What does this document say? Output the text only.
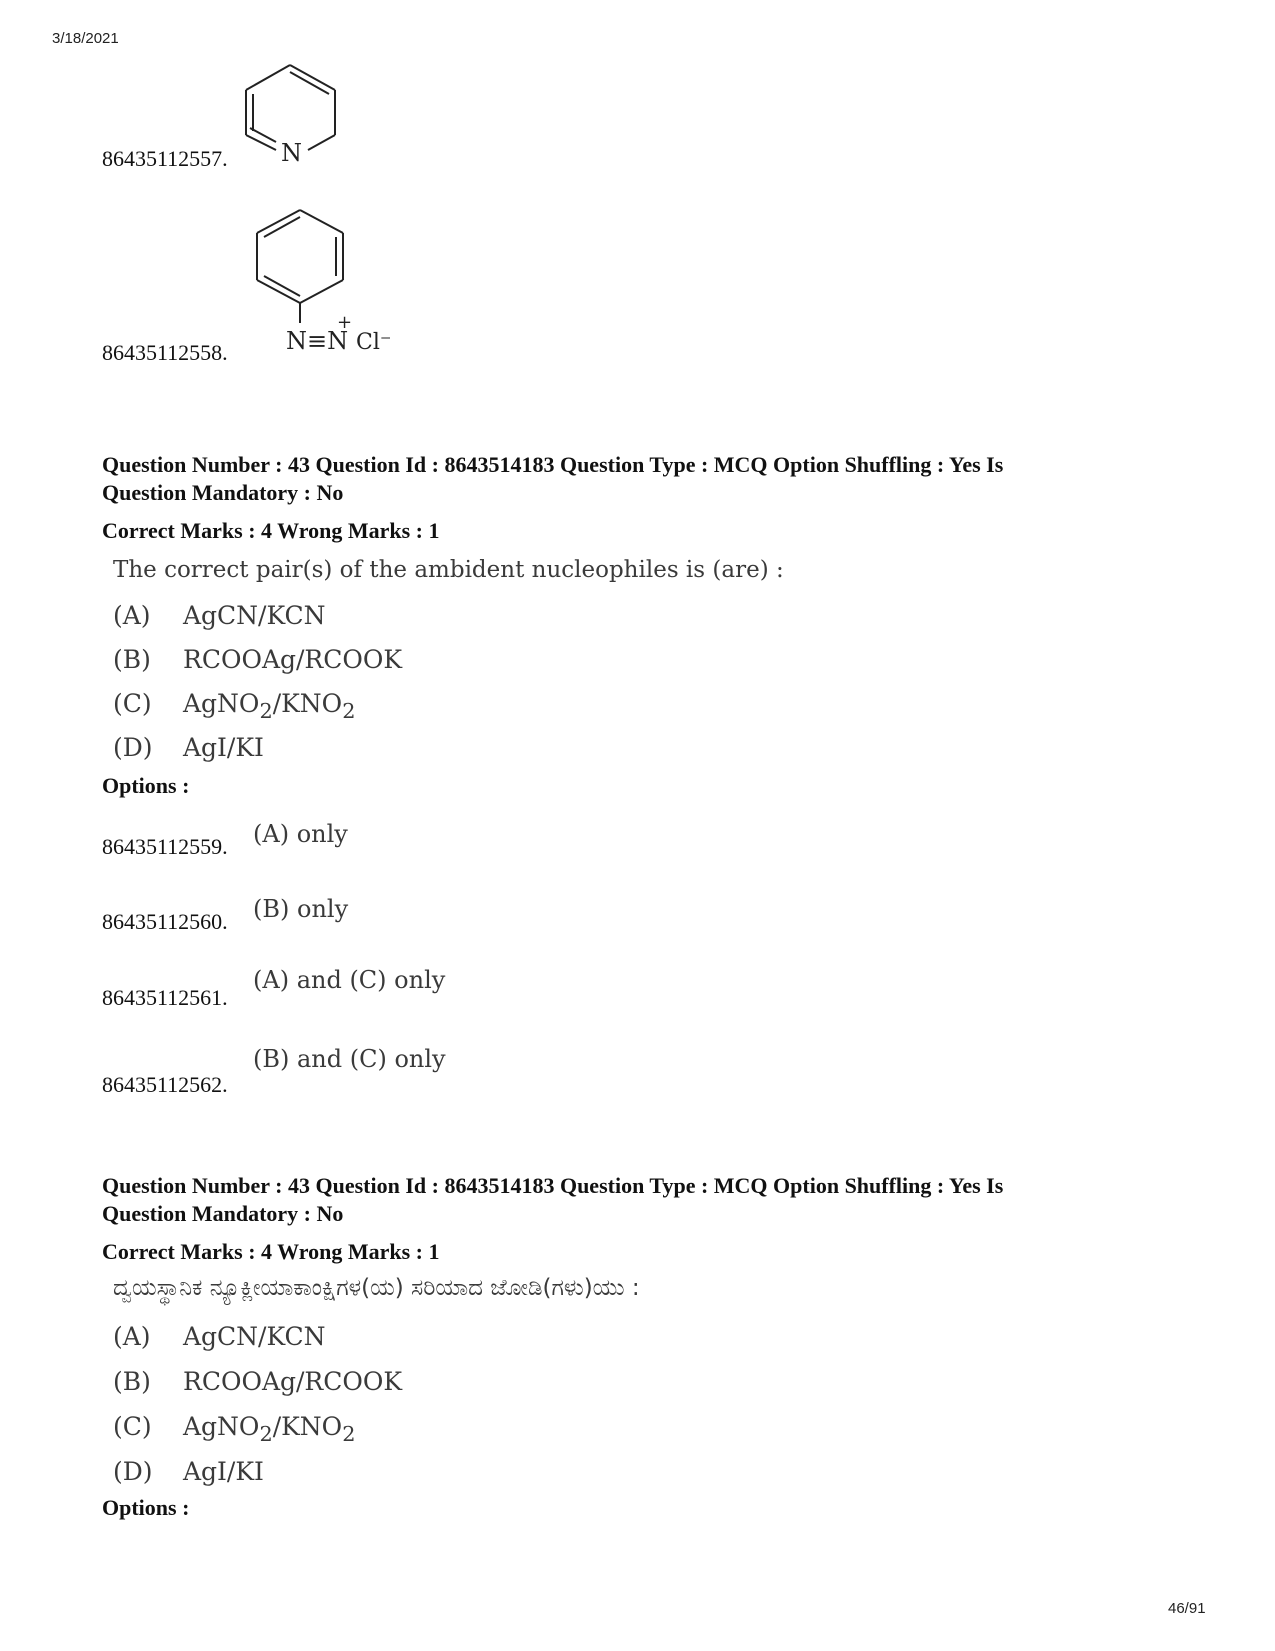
3/18/2021
86435112557. N
86435112558. N≡N
+
Cl⁻
Question Number : 43 Question Id : 8643514183 Question Type : MCQ Option Shuffling : Yes Is
Question Mandatory : No
Correct Marks : 4 Wrong Marks : 1
The correct pair(s) of the ambident nucleophiles is (are) :
(A) AgCN/KCN
(B) RCOOAg/RCOOK
(C) $AgNO_2/KNO_2$
(D) AgI/KI
Options :
86435112559. (A) only
86435112560. (B) only
86435112561.
(A) and (C) only
86435112562.
(B) and (C) only
Question Number : 43 Question Id : 8643514183 Question Type : MCQ Option Shuffling : Yes Is
Question Mandatory : No
Correct Marks : 4 Wrong Marks : 1
ದ್ವಯಸ್ಥಾನಿಕ ನ್ಯೂಕ್ಲೀಯಾಕಾಂಕ್ಷಿಗಳ(ಯ) ಸರಿಯಾದ ಜೋಡಿ(ಗಳು)ಯು :
(A) AgCN/KCN
(B) RCOOAg/RCOOK
(C) $AgNO_2/KNO_2$
(D) AgI/KI
Options :
46/91
